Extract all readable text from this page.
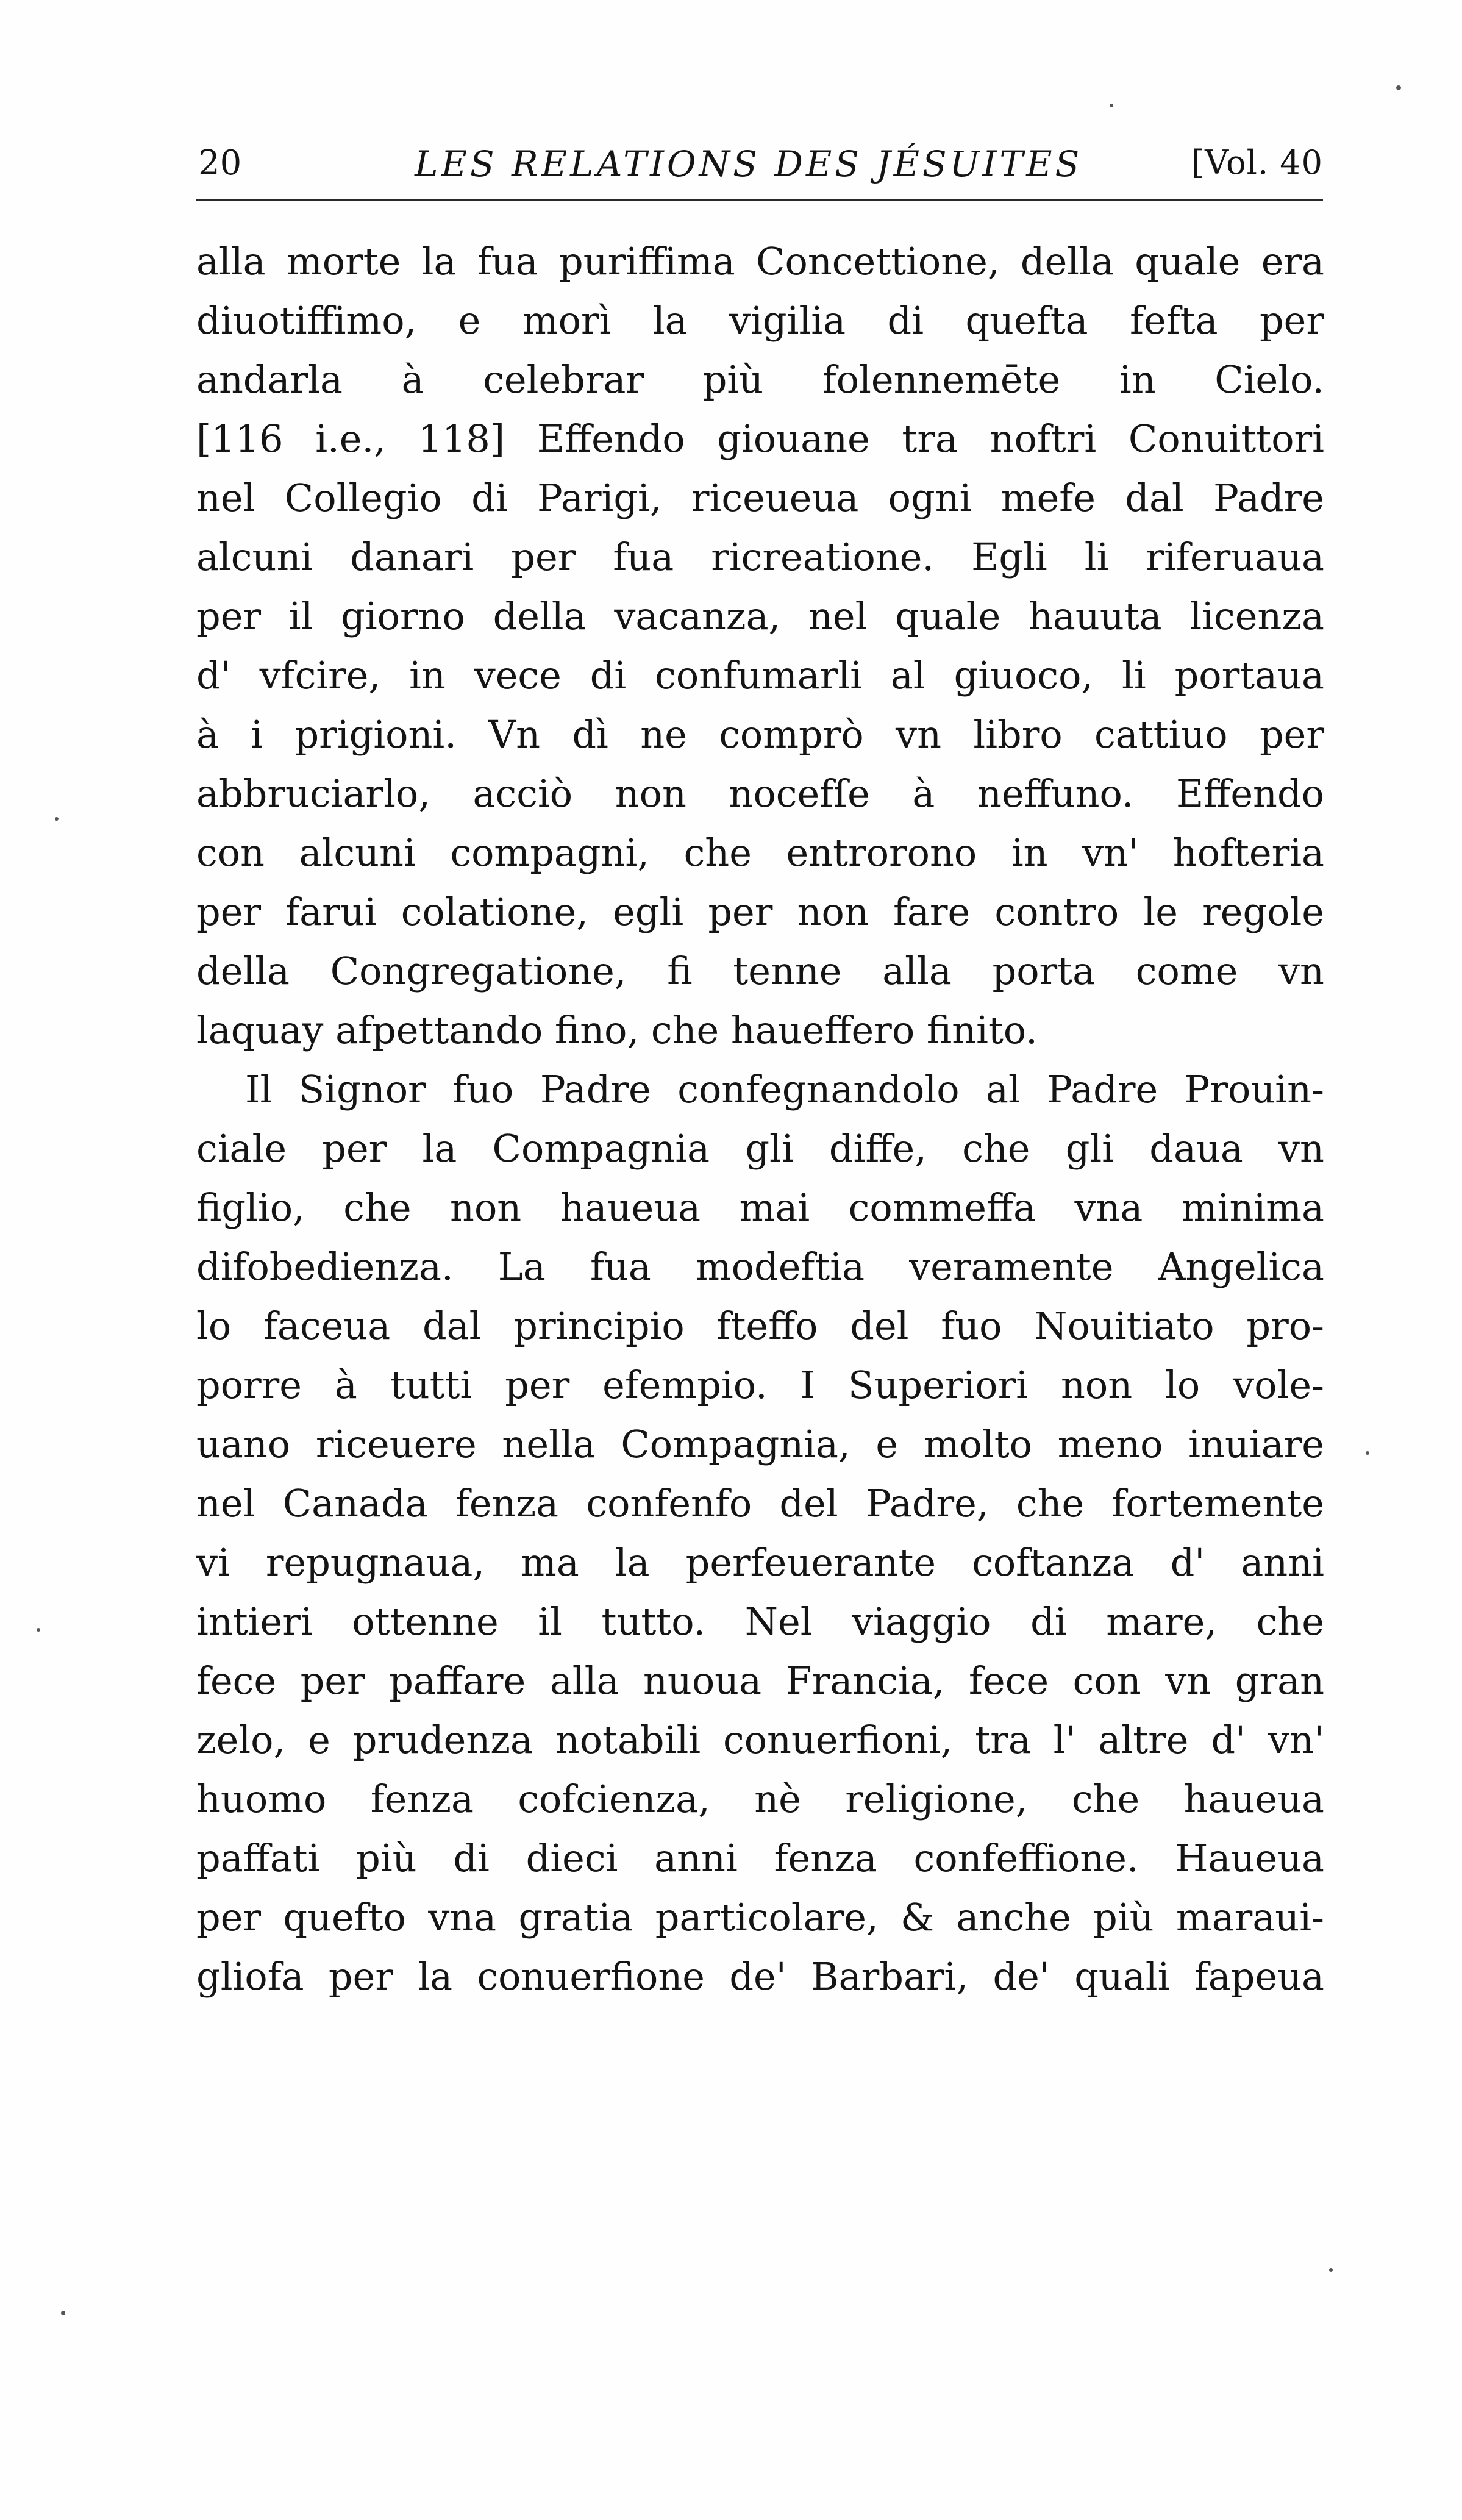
20	LES RELATIONS DES JÉSUITES	[Vol. 40
alla morte la fua puriffima Concettione, della quale era
diuotiffimo, e morì la vigilia di quefta fefta per
andarla à celebrar più folennemēte in Cielo.
[116 i.e., 118] Effendo giouane tra noftri Conuittori
nel Collegio di Parigi, riceueua ogni mefe dal Padre
alcuni danari per fua ricreatione. Egli li riferuaua
per il giorno della vacanza, nel quale hauuta licenza
d' vfcire, in vece di confumarli al giuoco, li portaua
à i prigioni. Vn dì ne comprò vn libro cattiuo per
abbruciarlo, acciò non nocefſe à neffuno. Effendo
con alcuni compagni, che entrorono in vn' hofteria
per farui colatione, egli per non fare contro le regole
della Congregatione, fi tenne alla porta come vn
laquay afpettando fino, che haueffero finito.
Il Signor fuo Padre confegnandolo al Padre Prouin-
ciale per la Compagnia gli diffe, che gli daua vn
figlio, che non haueua mai commeffa vna minima
difobedienza. La fua modeftia veramente Angelica
lo faceua dal principio fteffo del fuo Nouitiato pro-
porre à tutti per efempio. I Superiori non lo vole-
uano riceuere nella Compagnia, e molto meno inuiare
nel Canada fenza confenfo del Padre, che fortemente
vi repugnaua, ma la perfeuerante coftanza d' anni
intieri ottenne il tutto. Nel viaggio di mare, che
fece per paffare alla nuoua Francia, fece con vn gran
zelo, e prudenza notabili conuerfioni, tra l' altre d' vn'
huomo fenza cofcienza, nè religione, che haueua
paffati più di dieci anni fenza confeffione. Haueua
per quefto vna gratia particolare, & anche più maraui-
gliofa per la conuerfione de' Barbari, de' quali fapeua
